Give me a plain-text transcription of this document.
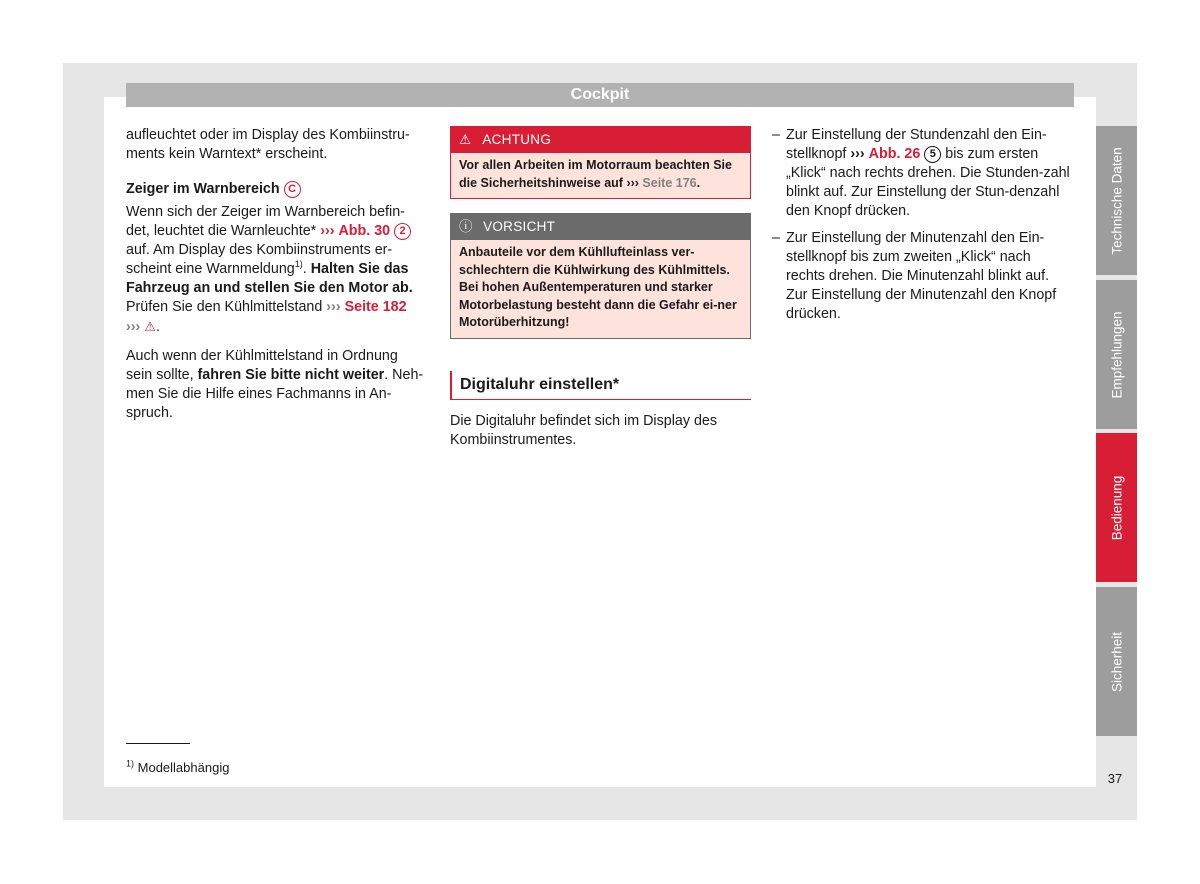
Cockpit

aufleuchtet oder im Display des Kombiinstru-ments kein Warntext* erscheint.

Zeiger im Warnbereich C

Wenn sich der Zeiger im Warnbereich befin-det, leuchtet die Warnleuchte* ››› Abb. 30 2 auf. Am Display des Kombiinstruments er-scheint eine Warnmeldung$^{1)}$. Halten Sie das Fahrzeug an und stellen Sie den Motor ab. Prüfen Sie den Kühlmittelstand ››› Seite 182
››› ⚠.

Auch wenn der Kühlmittelstand in Ordnung sein sollte, fahren Sie bitte nicht weiter. Neh-men Sie die Hilfe eines Fachmanns in An-spruch.

⚠ ACHTUNG
Vor allen Arbeiten im Motorraum beachten Sie die Sicherheitshinweise auf ››› Seite 176.
ⓘ VORSICHT
Anbauteile vor dem Kühllufteinlass ver-schlechtern die Kühlwirkung des Kühlmittels. Bei hohen Außentemperaturen und starker Motorbelastung besteht dann die Gefahr ei-ner Motorüberhitzung!
Digitaluhr einstellen*

Die Digitaluhr befindet sich im Display des Kombiinstrumentes.

– Zur Einstellung der Stundenzahl den Ein-stellknopf ››› Abb. 26 5 bis zum ersten „Klick“ nach rechts drehen. Die Stunden-zahl blinkt auf. Zur Einstellung der Stun-denzahl den Knopf drücken.
– Zur Einstellung der Minutenzahl den Ein-stellknopf bis zum zweiten „Klick“ nach rechts drehen. Die Minutenzahl blinkt auf. Zur Einstellung der Minutenzahl den Knopf drücken.
Technische Daten
Empfehlungen
Bedienung
Sicherheit
$^{1)}$ Modellabhängig
37
